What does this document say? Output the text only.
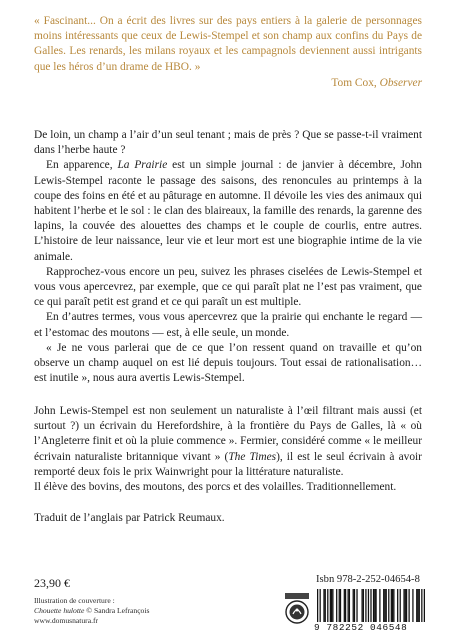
« Fascinant... On a écrit des livres sur des pays entiers à la galerie de personnages moins intéressants que ceux de Lewis-Stempel et son champ aux confins du Pays de Galles. Les renards, les milans royaux et les campagnols deviennent aussi intrigants que les héros d’un drame de HBO. »

Tom Cox, Observer

De loin, un champ a l’air d’un seul tenant ; mais de près ? Que se passe-t-il vraiment dans l’herbe haute ?

En apparence, La Prairie est un simple journal : de janvier à décembre, John Lewis-Stempel raconte le passage des saisons, des renoncules au printemps à la coupe des foins en été et au pâturage en automne. Il dévoile les vies des animaux qui habitent l’herbe et le sol : le clan des blaireaux, la famille des renards, la garenne des lapins, la couvée des alouettes des champs et le couple de courlis, entre autres. L’histoire de leur naissance, leur vie et leur mort est une biographie intime de la vie animale.

Rapprochez-vous encore un peu, suivez les phrases ciselées de Lewis-Stempel et vous vous apercevrez, par exemple, que ce qui paraît plat ne l’est pas vraiment, que ce qui paraît petit est grand et ce qui paraît un est multiple.

En d’autres termes, vous vous apercevrez que la prairie qui enchante le regard — et l’estomac des moutons — est, à elle seule, un monde.

« Je ne vous parlerai que de ce que l’on ressent quand on travaille et qu’on observe un champ auquel on est lié depuis toujours. Tout essai de rationalisation… est inutile », nous aura avertis Lewis-Stempel.

John Lewis-Stempel est non seulement un naturaliste à l’œil filtrant mais aussi (et surtout ?) un écrivain du Herefordshire, à la frontière du Pays de Galles, là « où l’Angleterre finit et où la pluie commence ». Fermier, considéré comme « le meilleur écrivain naturaliste britannique vivant » (The Times), il est le seul écrivain à avoir remporté deux fois le prix Wainwright pour la littérature naturaliste.

Il élève des bovins, des moutons, des porcs et des volailles. Traditionnellement.

Traduit de l’anglais par Patrick Reumaux.

23,90 €

Illustration de couverture :

Chouette hulotte © Sandra Lefrançois

www.domusnatura.fr

Isbn 978-2-252-04654-8
9 782252 046548
